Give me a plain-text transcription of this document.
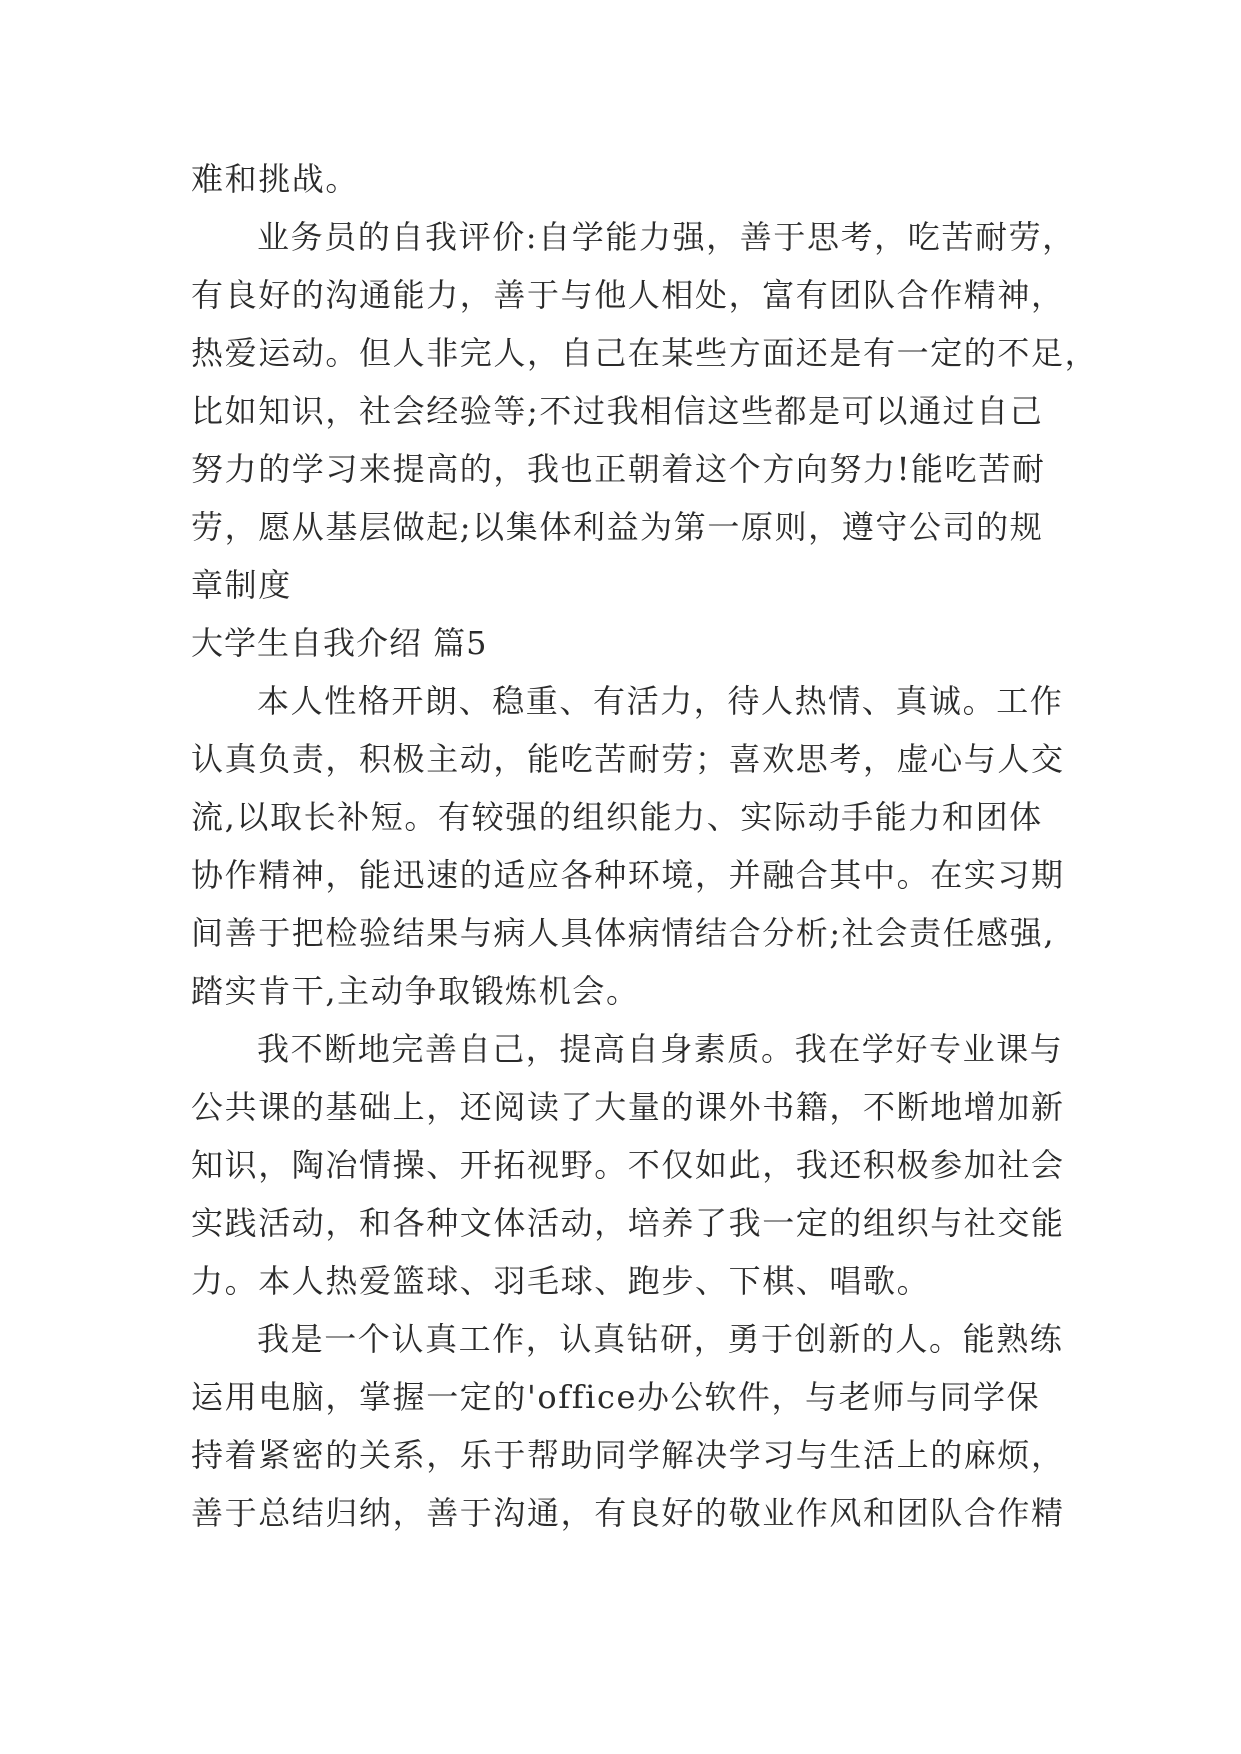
难和挑战。
业务员的自我评价:自学能力强，善于思考，吃苦耐劳，
有良好的沟通能力，善于与他人相处，富有团队合作精神，
热爱运动。但人非完人，自己在某些方面还是有一定的不足，
比如知识，社会经验等;不过我相信这些都是可以通过自己
努力的学习来提高的，我也正朝着这个方向努力!能吃苦耐
劳，愿从基层做起;以集体利益为第一原则，遵守公司的规
章制度
大学生自我介绍 篇5
本人性格开朗、稳重、有活力，待人热情、真诚。工作
认真负责，积极主动，能吃苦耐劳；喜欢思考，虚心与人交
流,以取长补短。有较强的组织能力、实际动手能力和团体
协作精神，能迅速的适应各种环境，并融合其中。在实习期
间善于把检验结果与病人具体病情结合分析;社会责任感强,
踏实肯干,主动争取锻炼机会。
我不断地完善自己，提高自身素质。我在学好专业课与
公共课的基础上，还阅读了大量的课外书籍，不断地增加新
知识，陶冶情操、开拓视野。不仅如此，我还积极参加社会
实践活动，和各种文体活动，培养了我一定的组织与社交能
力。本人热爱篮球、羽毛球、跑步、下棋、唱歌。
我是一个认真工作，认真钻研，勇于创新的人。能熟练
运用电脑，掌握一定的'office办公软件，与老师与同学保
持着紧密的关系，乐于帮助同学解决学习与生活上的麻烦，
善于总结归纳，善于沟通，有良好的敬业作风和团队合作精
